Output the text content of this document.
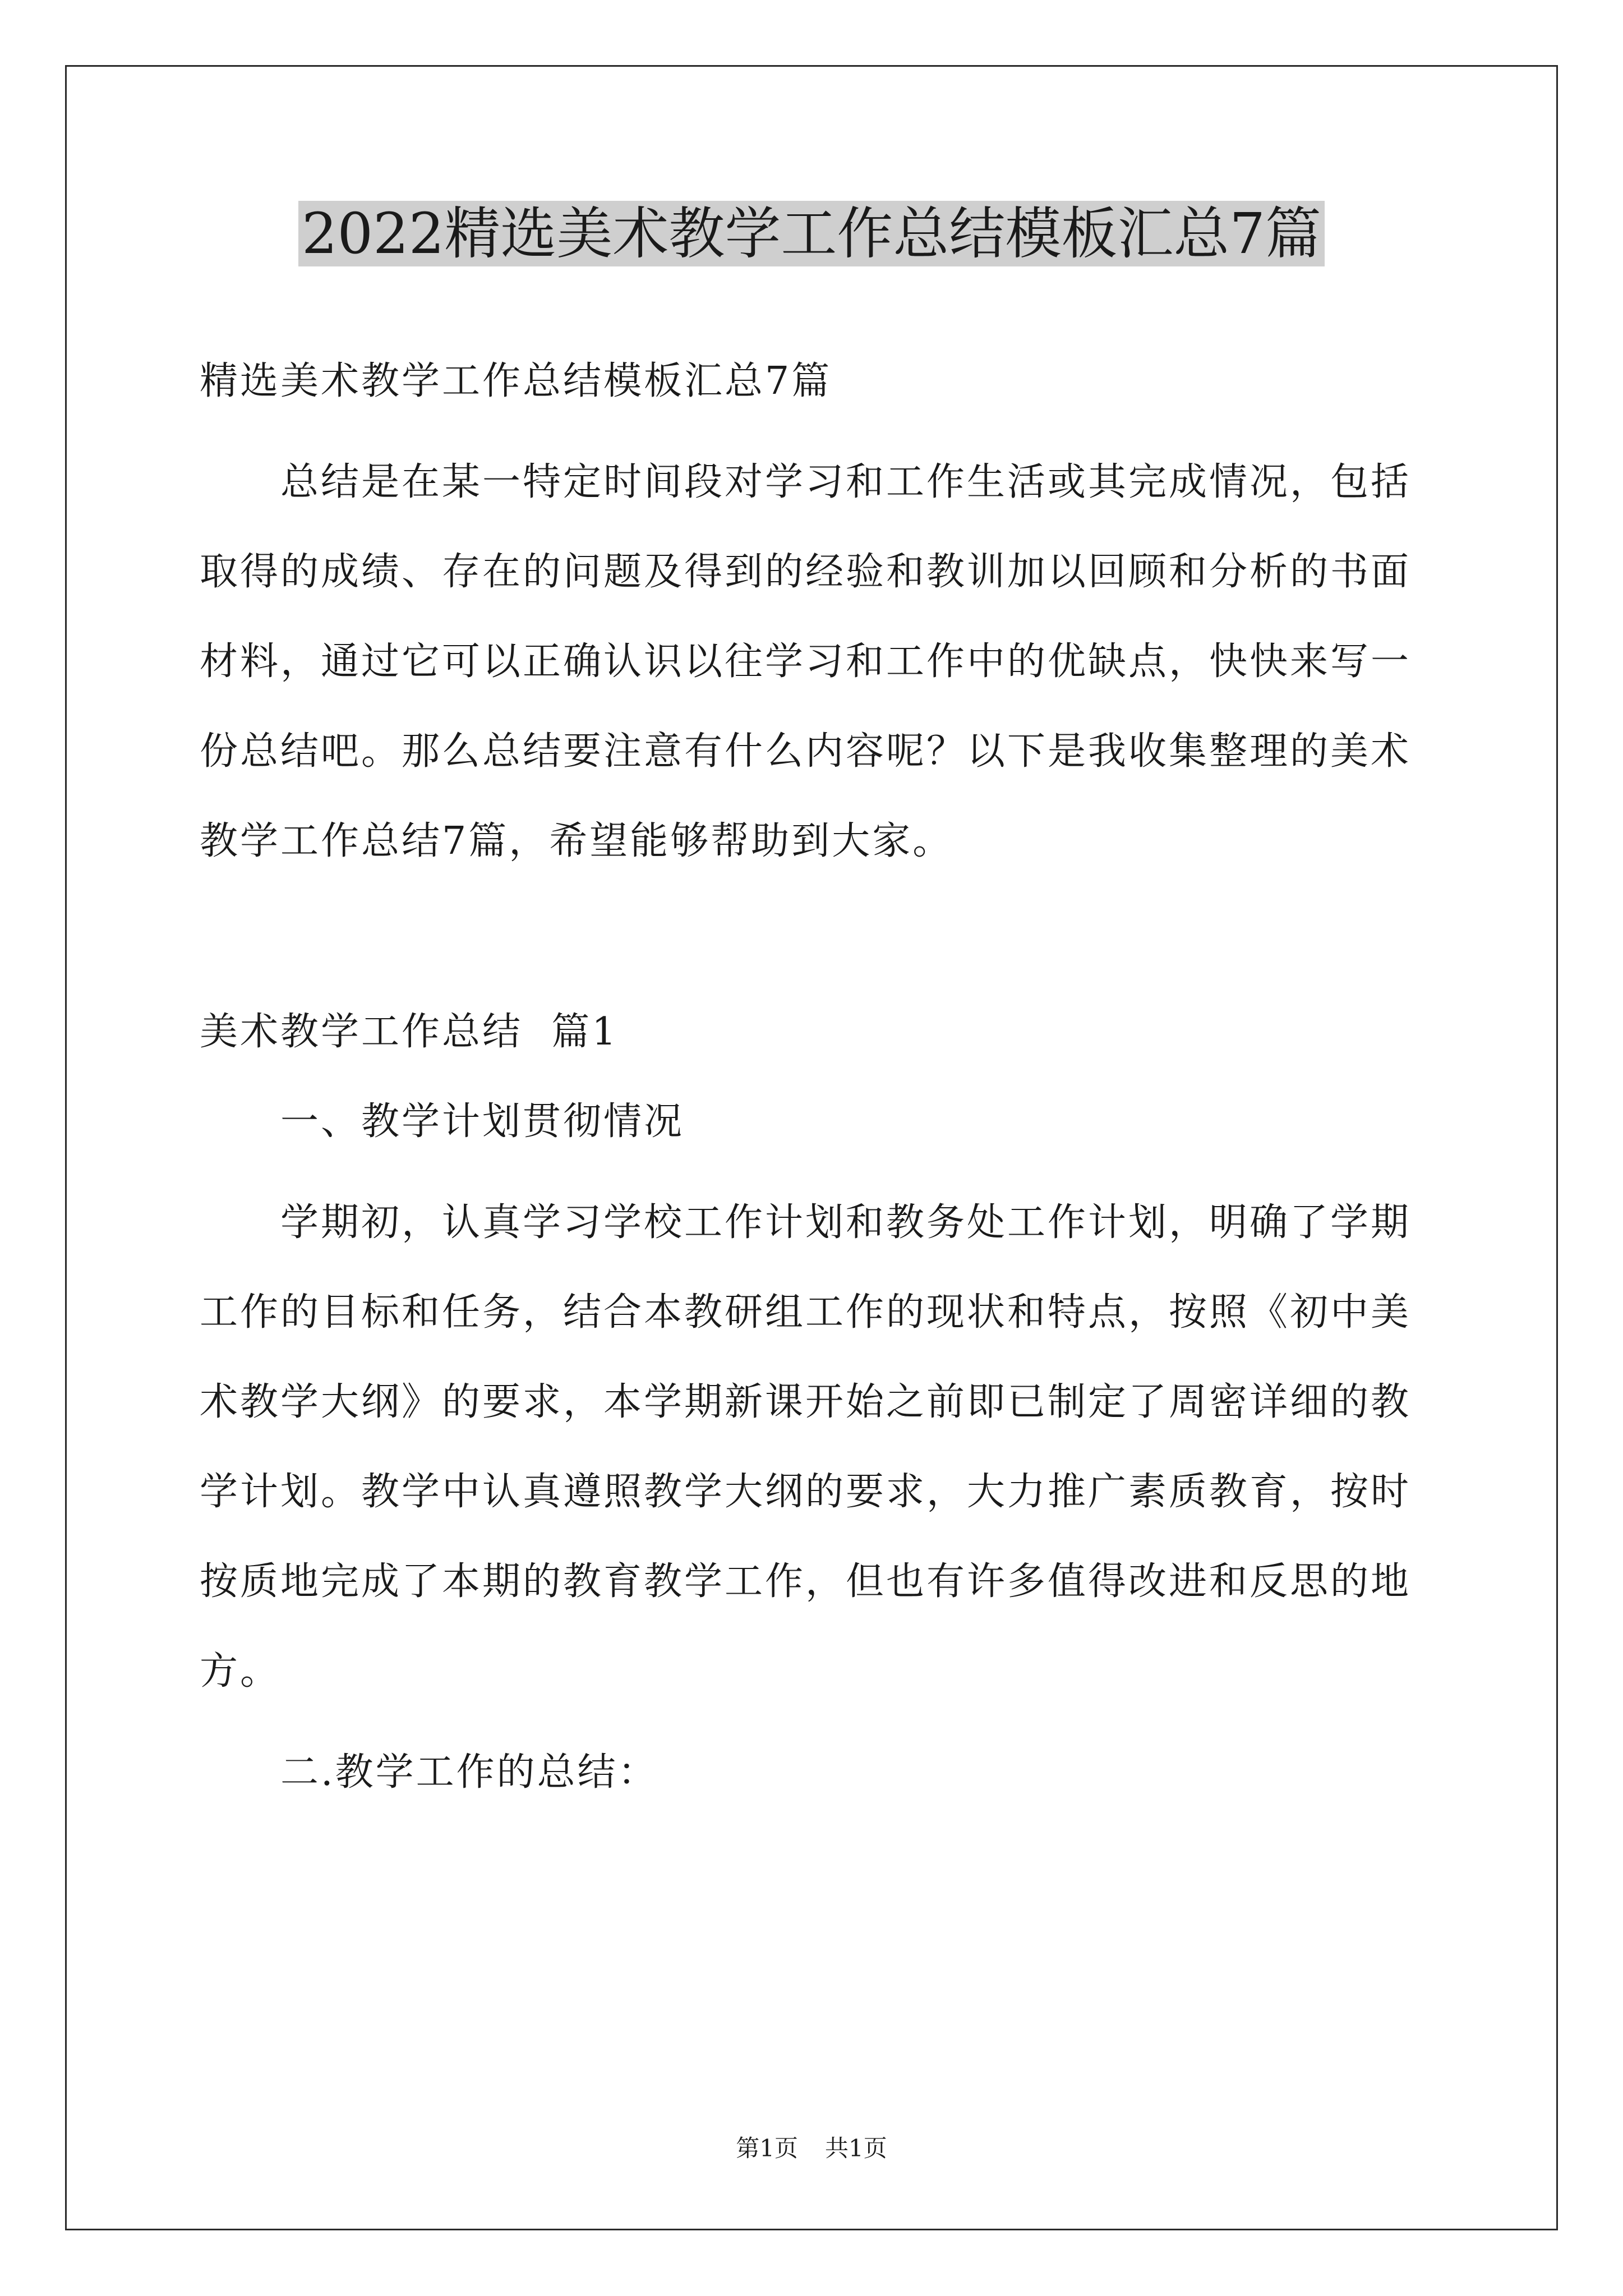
2022精选美术教学工作总结模板汇总7篇

精选美术教学工作总结模板汇总7篇

总结是在某一特定时间段对学习和工作生活或其完成情况，包括取得的成绩、存在的问题及得到的经验和教训加以回顾和分析的书面材料，通过它可以正确认识以往学习和工作中的优缺点，快快来写一份总结吧。那么总结要注意有什么内容呢？以下是我收集整理的美术教学工作总结7篇，希望能够帮助到大家。

美术教学工作总结  篇1

一、教学计划贯彻情况

学期初，认真学习学校工作计划和教务处工作计划，明确了学期工作的目标和任务，结合本教研组工作的现状和特点，按照《初中美术教学大纲》的要求，本学期新课开始之前即已制定了周密详细的教学计划。教学中认真遵照教学大纲的要求，大力推广素质教育，按时按质地完成了本期的教育教学工作，但也有许多值得改进和反思的地方。

二.教学工作的总结：

第1页 共1页
